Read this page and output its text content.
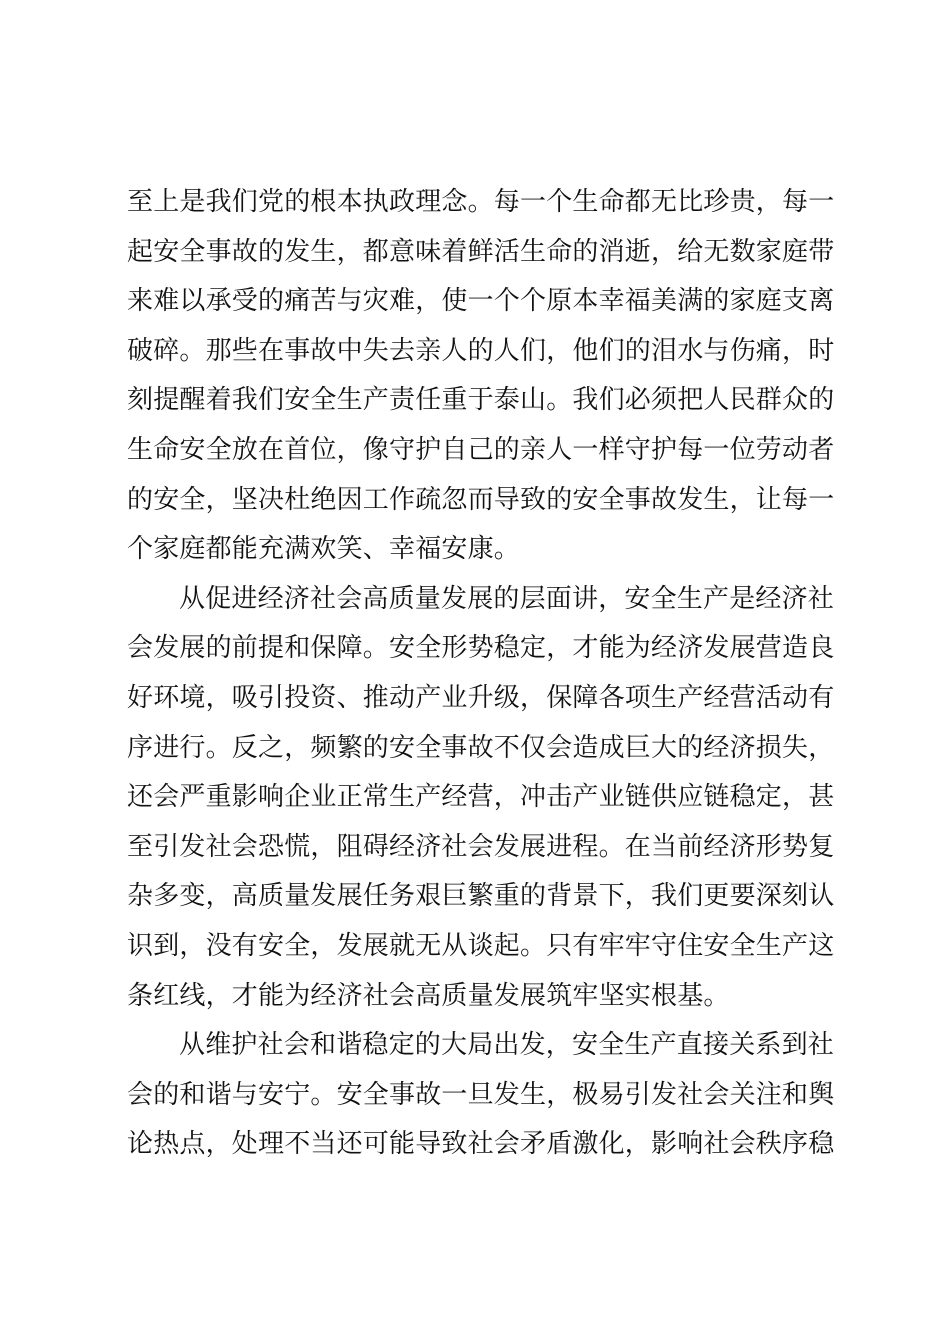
至上是我们党的根本执政理念。每一个生命都无比珍贵，每一
起安全事故的发生，都意味着鲜活生命的消逝，给无数家庭带
来难以承受的痛苦与灾难，使一个个原本幸福美满的家庭支离
破碎。那些在事故中失去亲人的人们，他们的泪水与伤痛，时
刻提醒着我们安全生产责任重于泰山。我们必须把人民群众的
生命安全放在首位，像守护自己的亲人一样守护每一位劳动者
的安全，坚决杜绝因工作疏忽而导致的安全事故发生，让每一
个家庭都能充满欢笑、幸福安康。
从促进经济社会高质量发展的层面讲，安全生产是经济社
会发展的前提和保障。安全形势稳定，才能为经济发展营造良
好环境，吸引投资、推动产业升级，保障各项生产经营活动有
序进行。反之，频繁的安全事故不仅会造成巨大的经济损失，
还会严重影响企业正常生产经营，冲击产业链供应链稳定，甚
至引发社会恐慌，阻碍经济社会发展进程。在当前经济形势复
杂多变，高质量发展任务艰巨繁重的背景下，我们更要深刻认
识到，没有安全，发展就无从谈起。只有牢牢守住安全生产这
条红线，才能为经济社会高质量发展筑牢坚实根基。
从维护社会和谐稳定的大局出发，安全生产直接关系到社
会的和谐与安宁。安全事故一旦发生，极易引发社会关注和舆
论热点，处理不当还可能导致社会矛盾激化，影响社会秩序稳
